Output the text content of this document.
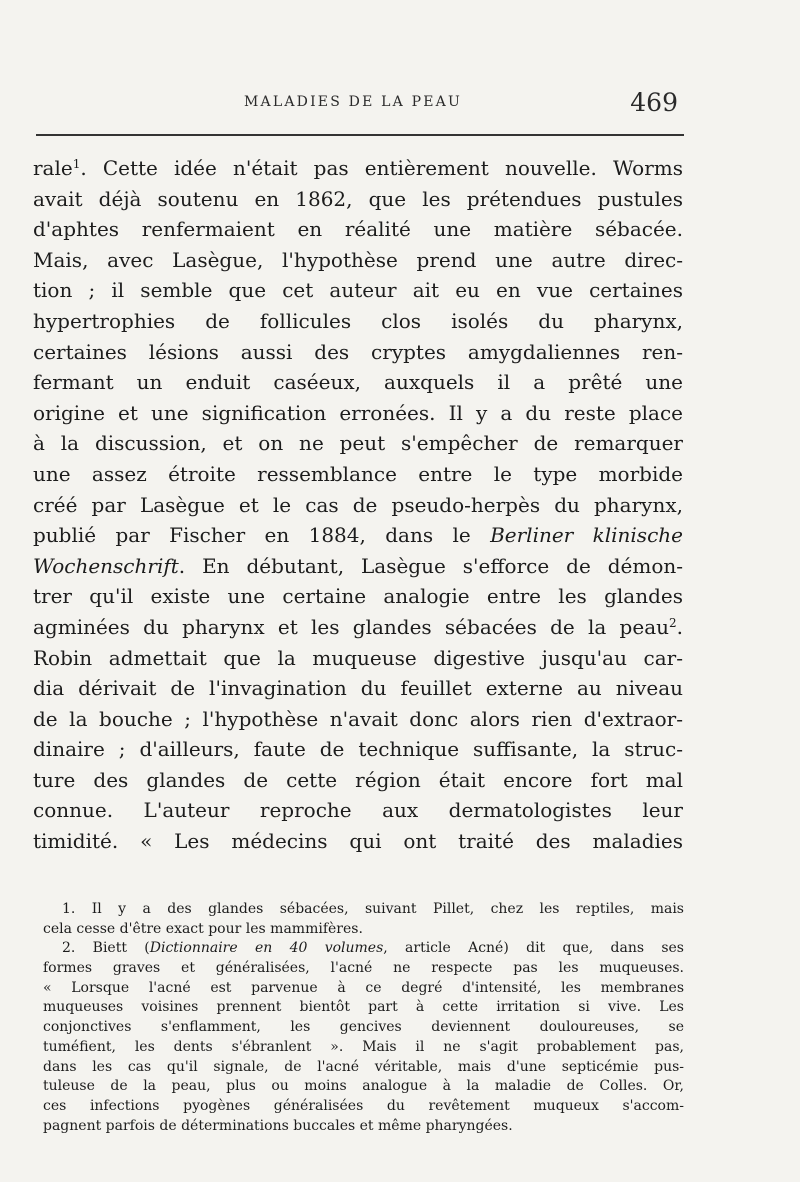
MALADIES DE LA PEAU	469
rale$^1$. Cette idée n'était pas entièrement nouvelle. Worms
avait déjà soutenu en 1862, que les prétendues pustules
d'aphtes renfermaient en réalité une matière sébacée.
Mais, avec Lasègue, l'hypothèse prend une autre direc-
tion ; il semble que cet auteur ait eu en vue certaines
hypertrophies de follicules clos isolés du pharynx,
certaines lésions aussi des cryptes amygdaliennes ren-
fermant un enduit caséeux, auxquels il a prêté une
origine et une signification erronées. Il y a du reste place
à la discussion, et on ne peut s'empêcher de remarquer
une assez étroite ressemblance entre le type morbide
créé par Lasègue et le cas de pseudo-herpès du pharynx,
publié par Fischer en 1884, dans le Berliner klinische
Wochenschrift. En débutant, Lasègue s'efforce de démon-
trer qu'il existe une certaine analogie entre les glandes
agminées du pharynx et les glandes sébacées de la peau$^2$.
Robin admettait que la muqueuse digestive jusqu'au car-
dia dérivait de l'invagination du feuillet externe au niveau
de la bouche ; l'hypothèse n'avait donc alors rien d'extraor-
dinaire ; d'ailleurs, faute de technique suffisante, la struc-
ture des glandes de cette région était encore fort mal
connue. L'auteur reproche aux dermatologistes leur
timidité. « Les médecins qui ont traité des maladies
1. Il y a des glandes sébacées, suivant Pillet, chez les reptiles, mais
cela cesse d'être exact pour les mammifères.
2. Biett (Dictionnaire en 40 volumes, article Acné) dit que, dans ses
formes graves et généralisées, l'acné ne respecte pas les muqueuses.
« Lorsque l'acné est parvenue à ce degré d'intensité, les membranes
muqueuses voisines prennent bientôt part à cette irritation si vive. Les
conjonctives s'enflamment, les gencives deviennent douloureuses, se
tuméfient, les dents s'ébranlent ». Mais il ne s'agit probablement pas,
dans les cas qu'il signale, de l'acné véritable, mais d'une septicémie pus-
tuleuse de la peau, plus ou moins analogue à la maladie de Colles. Or,
ces infections pyogènes généralisées du revêtement muqueux s'accom-
pagnent parfois de déterminations buccales et même pharyngées.
